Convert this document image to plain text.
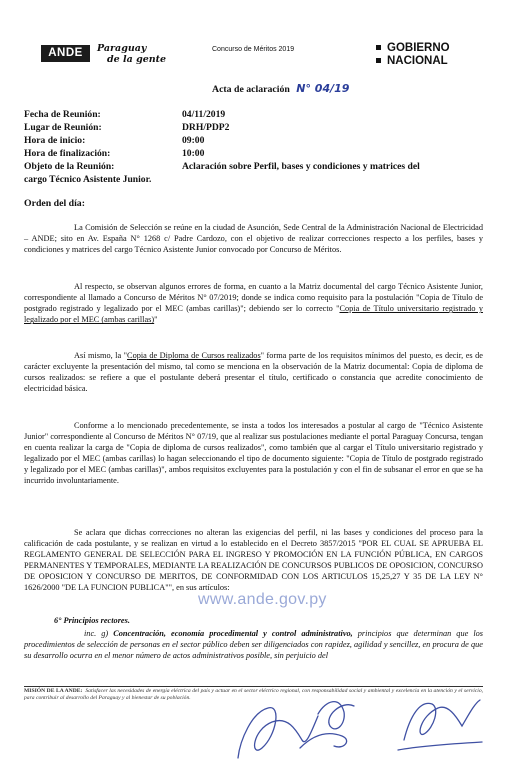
ANDE	Paraguay
de la gente
Concurso de Méritos 2019	GOBIERNO
NACIONAL
Acta de aclaración N° 04/19
Fecha de Reunión:	04/11/2019
Lugar de Reunión:	DRH/PDP2
Hora de inicio:	09:00
Hora de finalización:	10:00
Objeto de la Reunión:	Aclaración sobre Perfil, bases y condiciones y matrices del
cargo Técnico Asistente Junior.
Orden del día:

La Comisión de Selección se reúne en la ciudad de Asunción, Sede Central de la Administración Nacional de Electricidad – ANDE; sito en Av. España N° 1268 c/ Padre Cardozo, con el objetivo de realizar correcciones respecto a los perfiles, bases y condiciones y matrices del cargo Técnico Asistente Junior convocado por Concurso de Méritos.

Al respecto, se observan algunos errores de forma, en cuanto a la Matriz documental del cargo Técnico Asistente Junior, correspondiente al llamado a Concurso de Méritos N° 07/2019; donde se indica como requisito para la postulación "Copia de Título de postgrado registrado y legalizado por el MEC (ambas carillas)"; debiendo ser lo correcto "Copia de Título universitario registrado y legalizado por el MEC (ambas carillas)"

Así mismo, la "Copia de Diploma de Cursos realizados" forma parte de los requisitos mínimos del puesto, es decir, es de carácter excluyente la presentación del mismo, tal como se menciona en la observación de la Matriz documental: Copia de diploma de cursos realizados: se refiere a que el postulante deberá presentar el título, certificado o constancia que acredite conocimiento de electricidad básica.

Conforme a lo mencionado precedentemente, se insta a todos los interesados a postular al cargo de "Técnico Asistente Junior" correspondiente al Concurso de Méritos N° 07/19, que al realizar sus postulaciones mediante el portal Paraguay Concursa, tengan en cuenta realizar la carga de "Copia de diploma de cursos realizados", como también que al cargar el Título universitario registrado y legalizado por el MEC (ambas carillas) lo hagan seleccionando el tipo de documento siguiente: "Copia de Título de postgrado registrado y legalizado por el MEC (ambas carillas)", ambos requisitos excluyentes para la postulación y con el fin de subsanar el error en que se ha incurrido involuntariamente.

Se aclara que dichas correcciones no alteran las exigencias del perfil, ni las bases y condiciones del proceso para la calificación de cada postulante, y se realizan en virtud a lo establecido en el Decreto 3857/2015 "POR EL CUAL SE APRUEBA EL REGLAMENTO GENERAL DE SELECCIÓN PARA EL INGRESO Y PROMOCIÓN EN LA FUNCIÓN PÚBLICA, EN CARGOS PERMANENTES Y TEMPORALES, MEDIANTE LA REALIZACIÓN DE CONCURSOS PUBLICOS DE OPOSICION, CONCURSO DE OPOSICION Y CONCURSO DE MERITOS, DE CONFORMIDAD CON LOS ARTICULOS 15,25,27 Y 35 DE LA LEY N° 1626/2000 "DE LA FUNCION PUBLICA"", en sus artículos:

6° Principios rectores.

inc. g) Concentración, economía procedimental y control administrativo, principios que determinan que los procedimientos de selección de personas en el sector público deben ser diligenciados con rapidez, agilidad y sencillez, en procura de que su desarrollo ocurra en el menor número de actos administrativos posible, sin perjuicio del

www.ande.gov.py

MISIÓN DE LA ANDE: Satisfacer las necesidades de energía eléctrica del país y actuar en el sector eléctrico regional, con responsabilidad social y ambiental y excelencia en la atención y el servicio, para contribuir al desarrollo del Paraguay y al bienestar de su población.
